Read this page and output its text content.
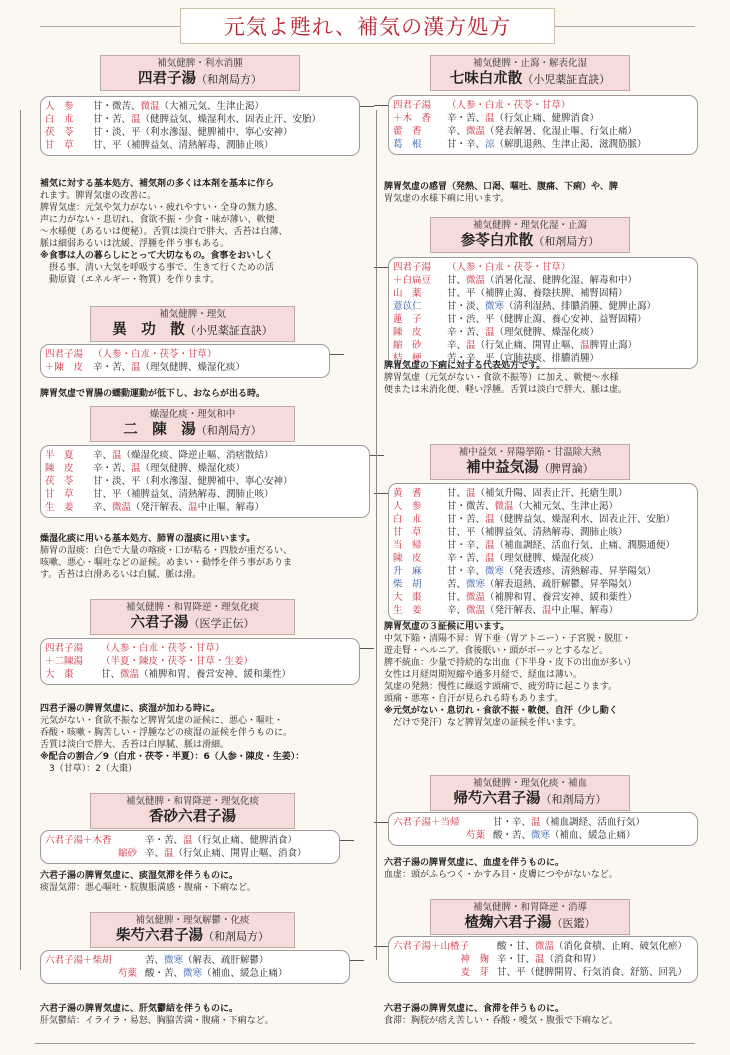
元気よ甦れ、補気の漢方処方
補気健脾・利水消腫
四君子湯（和剤局方）
人　参	甘・微苦、微温（大補元気、生津止渇）
白　朮	甘・苦、温（健脾益気、燥湿利水、固表止汗、安胎）
茯　苓	甘・淡、平（利水滲湿、健脾補中、寧心安神）
甘　草	甘、平（補脾益気、清熱解毒、潤肺止咳）
補気に対する基本処方、補気剤の多くは本剤を基本に作ら
れます。脾胃気虚の改善に。
脾胃気虚：元気や気力がない・疲れやすい・全身の無力感、
声に力がない・息切れ、食欲不振・少食・味が薄い、軟便
～水様便（あるいは便秘）。舌質は淡白で胖大、舌苔は白薄、
脈は細弱あるいは沈緩、浮腫を伴う事もある。
※食事は人の暮らしにとって大切なもの。食事をおいしく
　摂る事、清い大気を呼吸する事で、生きて行くための活
　動原資（エネルギー・物質）を作ります。
補気健脾・理気
異　功　散（小児薬証直訣）
四君子湯	（人参・白朮・茯苓・甘草）
＋陳　皮	辛・苦、温（理気健脾、燥湿化痰）
脾胃気虚で胃腸の蠕動運動が低下し、おならが出る時。
燥湿化痰・理気和中
二　陳　湯（和剤局方）
半　夏	辛、温（燥湿化痰、降逆止嘔、消痞散結）
陳　皮	辛・苦、温（理気健脾、燥湿化痰）
茯　苓	甘・淡、平（利水滲湿、健脾補中、寧心安神）
甘　草	甘、平（補脾益気、清熱解毒、潤肺止咳）
生　姜	辛、微温（発汗解表、温中止嘔、解毒）
燥湿化痰に用いる基本処方、肺胃の湿痰に用います。
肺胃の湿痰：白色で大量の喀痰・口が粘る・四肢が重だるい、
咳嗽、悪心・嘔吐などの証候。めまい・動悸を伴う事がありま
す。舌苔は白滑あるいは白膩、脈は滑。
補気健脾・和胃降逆・理気化痰
六君子湯（医学正伝）
四君子湯	（人参・白朮・茯苓・甘草）
＋二陳湯	（半夏・陳皮・茯苓・甘草・生姜）
大　棗	甘、微温（補脾和胃、養営安神、緩和薬性）
四君子湯の脾胃気虚に、痰湿が加わる時に。
元気がない・食欲不振など脾胃気虚の証候に、悪心・嘔吐・
呑酸・咳嗽・胸苦しい・浮腫などの痰湿の証候を伴うものに。
舌質は淡白で胖大、舌苔は白厚膩、脈は滑細。
※配合の割合／9（白朮・茯苓・半夏）：6（人参・陳皮・生姜）：
　3（甘草）：2（大棗）
補気健脾・和胃降逆・理気化痰
香砂六君子湯
六君子湯＋木香	辛・苦、温（行気止痛、健脾消食）
縮砂 辛、温（行気止痛、開胃止嘔、消食）
六君子湯の脾胃気虚に、痰湿気滞を伴うものに。
痰湿気滞：悪心嘔吐・脘腹脹満感・腹痛・下痢など。
補気健脾・理気解鬱・化痰
柴芍六君子湯（和剤局方）
六君子湯＋柴胡	苦、微寒（解表、疏肝解鬱）
芍薬 酸・苦、微寒（補血、緩急止痛）
六君子湯の脾胃気虚に、肝気鬱結を伴うものに。
肝気鬱結：イライラ・易怒、胸脇苦満・腹痛・下痢など。
補気健脾・止瀉・解表化湿
七味白朮散（小児薬証直訣）
四君子湯	（人参・白朮・茯苓・甘草）
＋木　香	辛・苦、温（行気止痛、健脾消食）
藿　香	辛、微温（発表解暑、化湿止嘔、行気止痛）
葛　根	甘・辛、涼（解肌退熱、生津止渇、滋潤筋脈）
脾胃気虚の感冒（発熱、口渇、嘔吐、腹痛、下痢）や、脾
胃気虚の水様下痢に用います。
補気健脾・理気化湿・止瀉
参苓白朮散（和剤局方）
四君子湯	（人参・白朮・茯苓・甘草）
＋白扁豆	甘、微温（消暑化湿、健脾化湿、解毒和中）
山　薬	甘、平（補脾止瀉、養陰扶脾、補腎固精）
薏苡仁	甘・淡、微寒（清利湿熱、排膿消腫、健脾止瀉）
蓮　子	甘・渋、平（健脾止瀉、養心安神、益腎固精）
陳　皮	辛・苦、温（理気健脾、燥湿化痰）
縮　砂	辛、温（行気止痛、開胃止嘔、温脾胃止瀉）
桔　梗	苦・辛、平（宣肺祛痰、排膿消腫）
脾胃気虚の下痢に対する代表処方です。
脾胃気虚（元気がない・食欲不振等）に加え、軟便～水様
便または未消化便、軽い浮腫。舌質は淡白で胖大、脈は虚。
補中益気・昇陽挙陥・甘温除大熱
補中益気湯（脾胃論）
黄　耆	甘、温（補気升陽、固表止汗、托瘡生肌）
人　参	甘・微苦、微温（大補元気、生津止渇）
白　朮	甘・苦、温（健脾益気、燥湿利水、固表止汗、安胎）
甘　草	甘、平（補脾益気、清熱解毒、潤肺止咳）
当　帰	甘・辛、温（補血調経、活血行気、止痛、潤腸通便）
陳　皮	辛・苦、温（理気健脾、燥湿化痰）
升　麻	甘・辛、微寒（発表透疹、清熱解毒、昇挙陽気）
柴　胡	苦、微寒（解表退熱、疏肝解鬱、昇挙陽気）
大　棗	甘、微温（補脾和胃、養営安神、緩和薬性）
生　姜	辛、微温（発汗解表、温中止嘔、解毒）
脾胃気虚の３証候に用います。
中気下陥・清陽不昇：胃下垂（胃アトニー）・子宮脱・脱肛・
遊走腎・ヘルニア、食後眠い・頭がボーッとするなど。
脾不統血：少量で持続的な出血（下半身・皮下の出血が多い）
女性は月経周期短縮や過多月経で、経血は薄い。
気虚の発熱：慢性に繰返す頭痛で、疲労時に起こります。
頭痛・悪寒・自汗が見られる時もあります。
※元気がない・息切れ・食欲不振・軟便、自汗（少し動く
　だけで発汗）など脾胃気虚の証候を伴います。
補気健脾・理気化痰・補血
帰芍六君子湯（和剤局方）
六君子湯＋当帰	甘・辛、温（補血調経、活血行気）
芍薬 酸・苦、微寒（補血、緩急止痛）
六君子湯の脾胃気虚に、血虚を伴うものに。
血虚：頭がふらつく・かすみ目・皮膚につやがないなど。
補気健脾・和胃降逆・消導
楂麹六君子湯（医鑑）
六君子湯＋山楂子	酸・甘、微温（消化食積、止痢、破気化瘀）
神　麹 辛・甘、温（消食和胃）
麦　芽 甘、平（健脾開胃、行気消食、舒筋、回乳）
六君子湯の脾胃気虚に、食滞を伴うものに。
食滞：胸脘が痞え苦しい・呑酸・噯気・腹張で下痢など。
